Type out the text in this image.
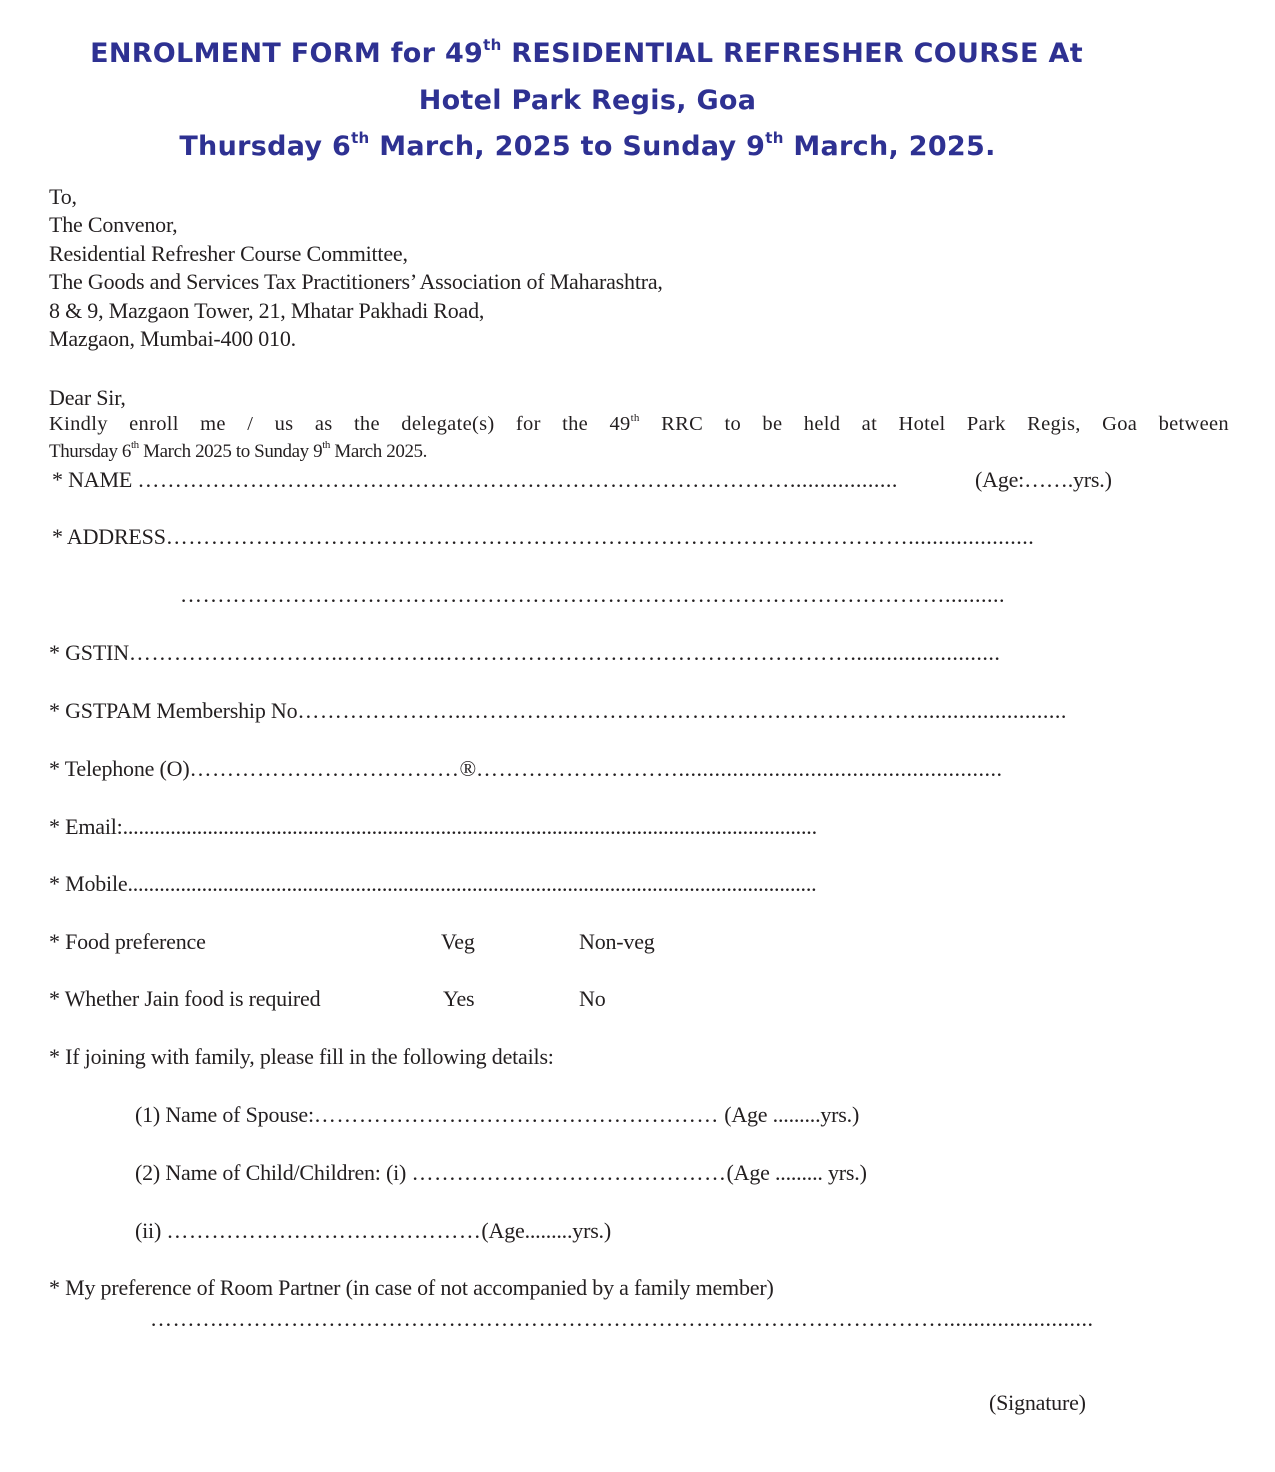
ENROLMENT FORM for 49th RESIDENTIAL REFRESHER COURSE At
Hotel Park Regis, Goa
Thursday 6th March, 2025 to Sunday 9th March, 2025.
To,
The Convenor,
Residential Refresher Course Committee,
The Goods and Services Tax Practitioners’ Association of Maharashtra,
8 & 9, Mazgaon Tower, 21, Mhatar Pakhadi Road,
Mazgaon, Mumbai-400 010.
Dear Sir,
Kindly enroll me / us as the delegate(s) for the 49th RRC to be held at Hotel Park Regis, Goa between
Thursday 6th March 2025 to Sunday 9th March 2025.
* NAME ……………………………………………………………………………..................	(Age:…….yrs.)
* ADDRESS……………………………………………………………………………………….....................
…………………………………………………………………………………………..........
* GSTIN………………………..…………..……………………………………………….........................
* GSTPAM Membership No…………………..…………………………………………………….........................
* Telephone (O)………………………………®………………………......................................................
* Email:...................................................................................................................................
* Mobile..................................................................................................................................
* Food preference	Veg	Non-veg
* Whether Jain food is required	Yes	No
* If joining with family, please fill in the following details:
(1) Name of Spouse:……………………………………………… (Age .........yrs.)
(2) Name of Child/Children: (i) ……………………………………(Age ......... yrs.)
(ii) ……………………………………(Age.........yrs.)
* My preference of Room Partner (in case of not accompanied by a family member)
……….…………………………………………………………………………………….........................
(Signature)
